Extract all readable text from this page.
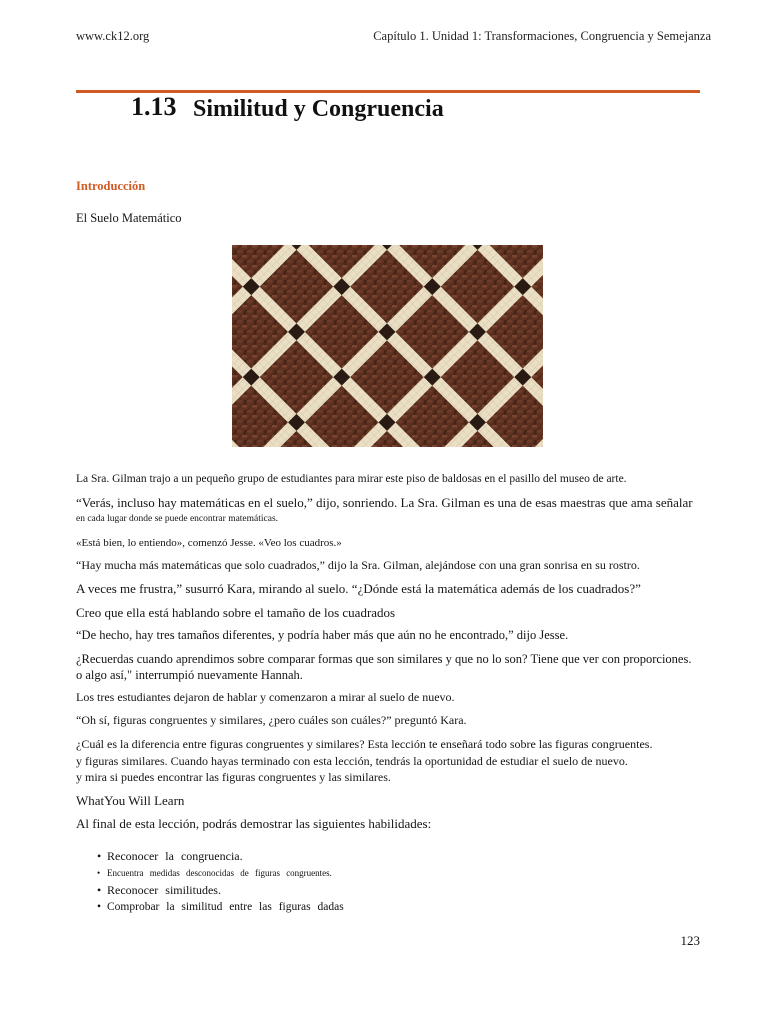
www.ck12.org	Capítulo 1. Unidad 1: Transformaciones, Congruencia y Semejanza
1.13 Similitud y Congruencia
Introducción

El Suelo Matemático

La Sra. Gilman trajo a un pequeño grupo de estudiantes para mirar este piso de baldosas en el pasillo del museo de arte.

“Verás, incluso hay matemáticas en el suelo,” dijo, sonriendo. La Sra. Gilman es una de esas maestras que ama señalar

en cada lugar donde se puede encontrar matemáticas.

«Está bien, lo entiendo», comenzó Jesse. «Veo los cuadros.»

“Hay mucha más matemáticas que solo cuadrados,” dijo la Sra. Gilman, alejándose con una gran sonrisa en su rostro.

A veces me frustra,” susurró Kara, mirando al suelo. “¿Dónde está la matemática además de los cuadrados?”

Creo que ella está hablando sobre el tamaño de los cuadrados

“De hecho, hay tres tamaños diferentes, y podría haber más que aún no he encontrado,” dijo Jesse.

¿Recuerdas cuando aprendimos sobre comparar formas que son similares y que no lo son? Tiene que ver con proporciones.

o algo así," interrumpió nuevamente Hannah.

Los tres estudiantes dejaron de hablar y comenzaron a mirar al suelo de nuevo.

“Oh sí, figuras congruentes y similares, ¿pero cuáles son cuáles?” preguntó Kara.

¿Cuál es la diferencia entre figuras congruentes y similares? Esta lección te enseñará todo sobre las figuras congruentes.

y figuras similares. Cuando hayas terminado con esta lección, tendrás la oportunidad de estudiar el suelo de nuevo.

y mira si puedes encontrar las figuras congruentes y las similares.

WhatYou Will Learn

Al final de esta lección, podrás demostrar las siguientes habilidades:

• Reconocer la congruencia.
• Encuentra medidas desconocidas de figuras congruentes.
• Reconocer similitudes.
• Comprobar la similitud entre las figuras dadas
123
